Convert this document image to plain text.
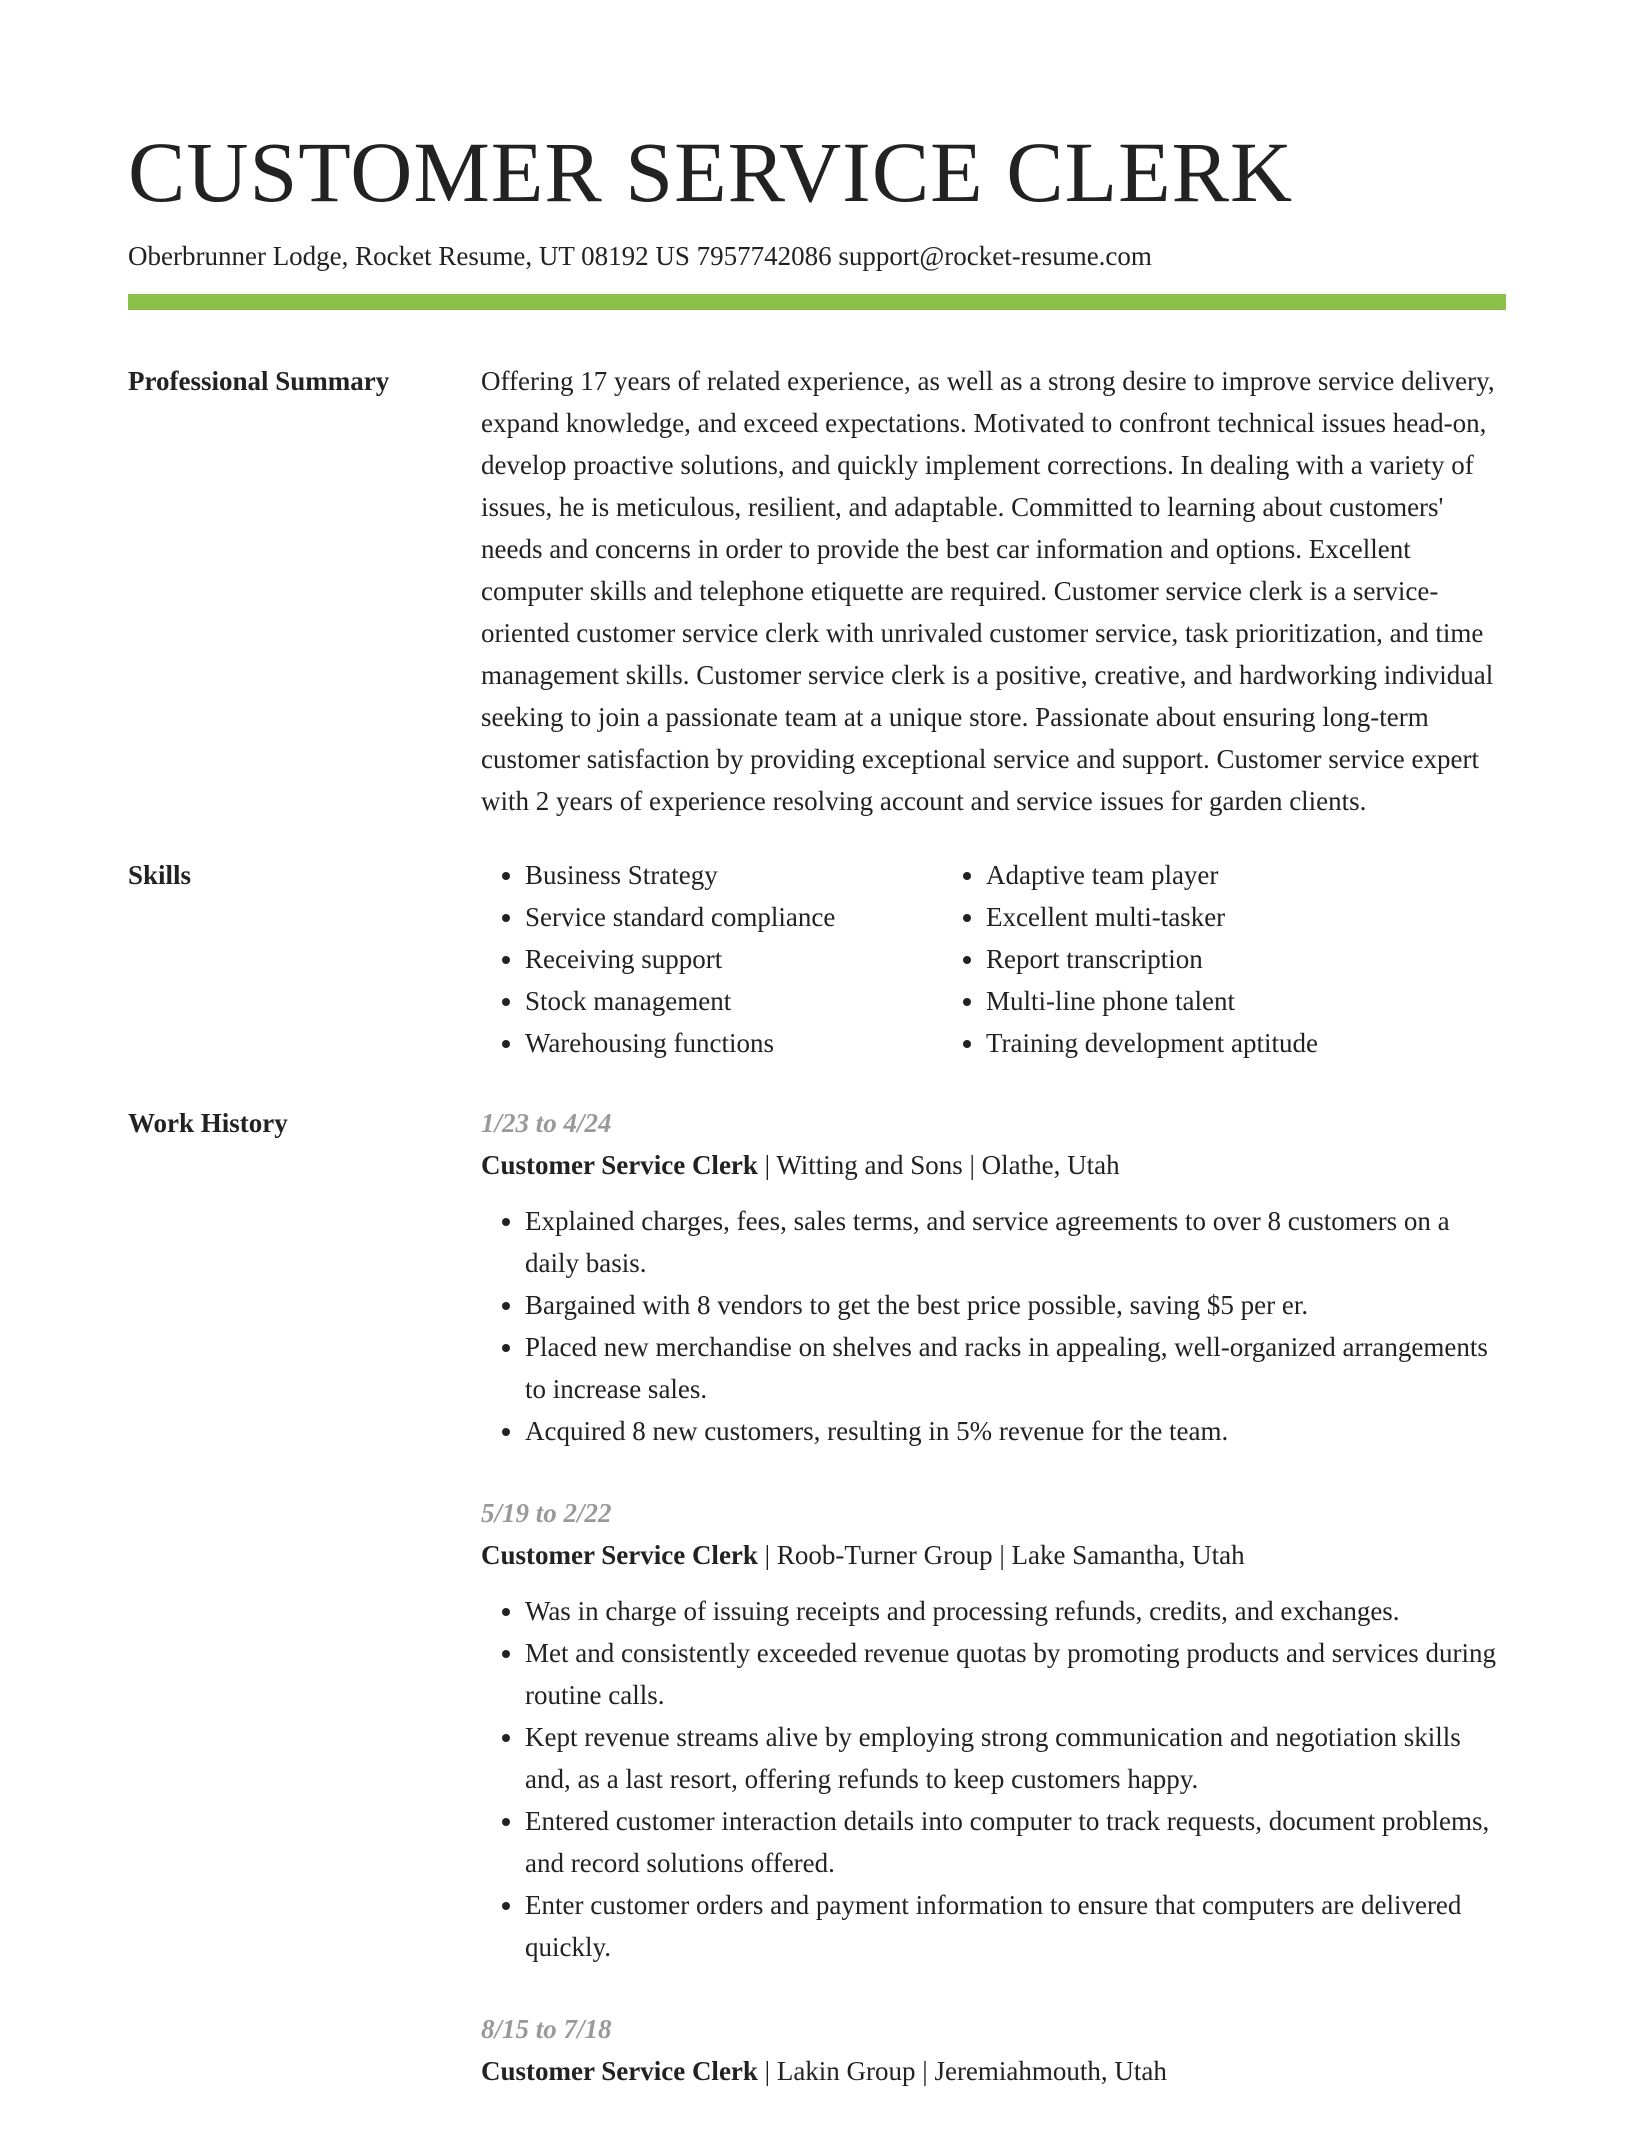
CUSTOMER SERVICE CLERK
Oberbrunner Lodge, Rocket Resume, UT 08192 US 7957742086 support@rocket-resume.com
Professional Summary	Offering 17 years of related experience, as well as a strong desire to improve service delivery, expand knowledge, and exceed expectations. Motivated to confront technical issues head-on, develop proactive solutions, and quickly implement corrections. In dealing with a variety of issues, he is meticulous, resilient, and adaptable. Committed to learning about customers' needs and concerns in order to provide the best car information and options. Excellent computer skills and telephone etiquette are required. Customer service clerk is a service-oriented customer service clerk with unrivaled customer service, task prioritization, and time management skills. Customer service clerk is a positive, creative, and hardworking individual seeking to join a passionate team at a unique store. Passionate about ensuring long-term customer satisfaction by providing exceptional service and support. Customer service expert with 2 years of experience resolving account and service issues for garden clients.

Skills
•	Business Strategy
• Service standard compliance
• Receiving support
• Stock management
• Warehousing functions
• Adaptive team player
• Excellent multi-tasker
• Report transcription
• Multi-line phone talent
• Training development aptitude
Work History	1/23 to 4/24
Customer Service Clerk | Witting and Sons | Olathe, Utah
• Explained charges, fees, sales terms, and service agreements to over 8 customers on a daily basis.
• Bargained with 8 vendors to get the best price possible, saving $5 per er.
• Placed new merchandise on shelves and racks in appealing, well-organized arrangements to increase sales.
• Acquired 8 new customers, resulting in 5% revenue for the team.
5/19 to 2/22
Customer Service Clerk | Roob-Turner Group | Lake Samantha, Utah
• Was in charge of issuing receipts and processing refunds, credits, and exchanges.
• Met and consistently exceeded revenue quotas by promoting products and services during routine calls.
• Kept revenue streams alive by employing strong communication and negotiation skills and, as a last resort, offering refunds to keep customers happy.
• Entered customer interaction details into computer to track requests, document problems, and record solutions offered.
• Enter customer orders and payment information to ensure that computers are delivered quickly.
8/15 to 7/18
Customer Service Clerk | Lakin Group | Jeremiahmouth, Utah
